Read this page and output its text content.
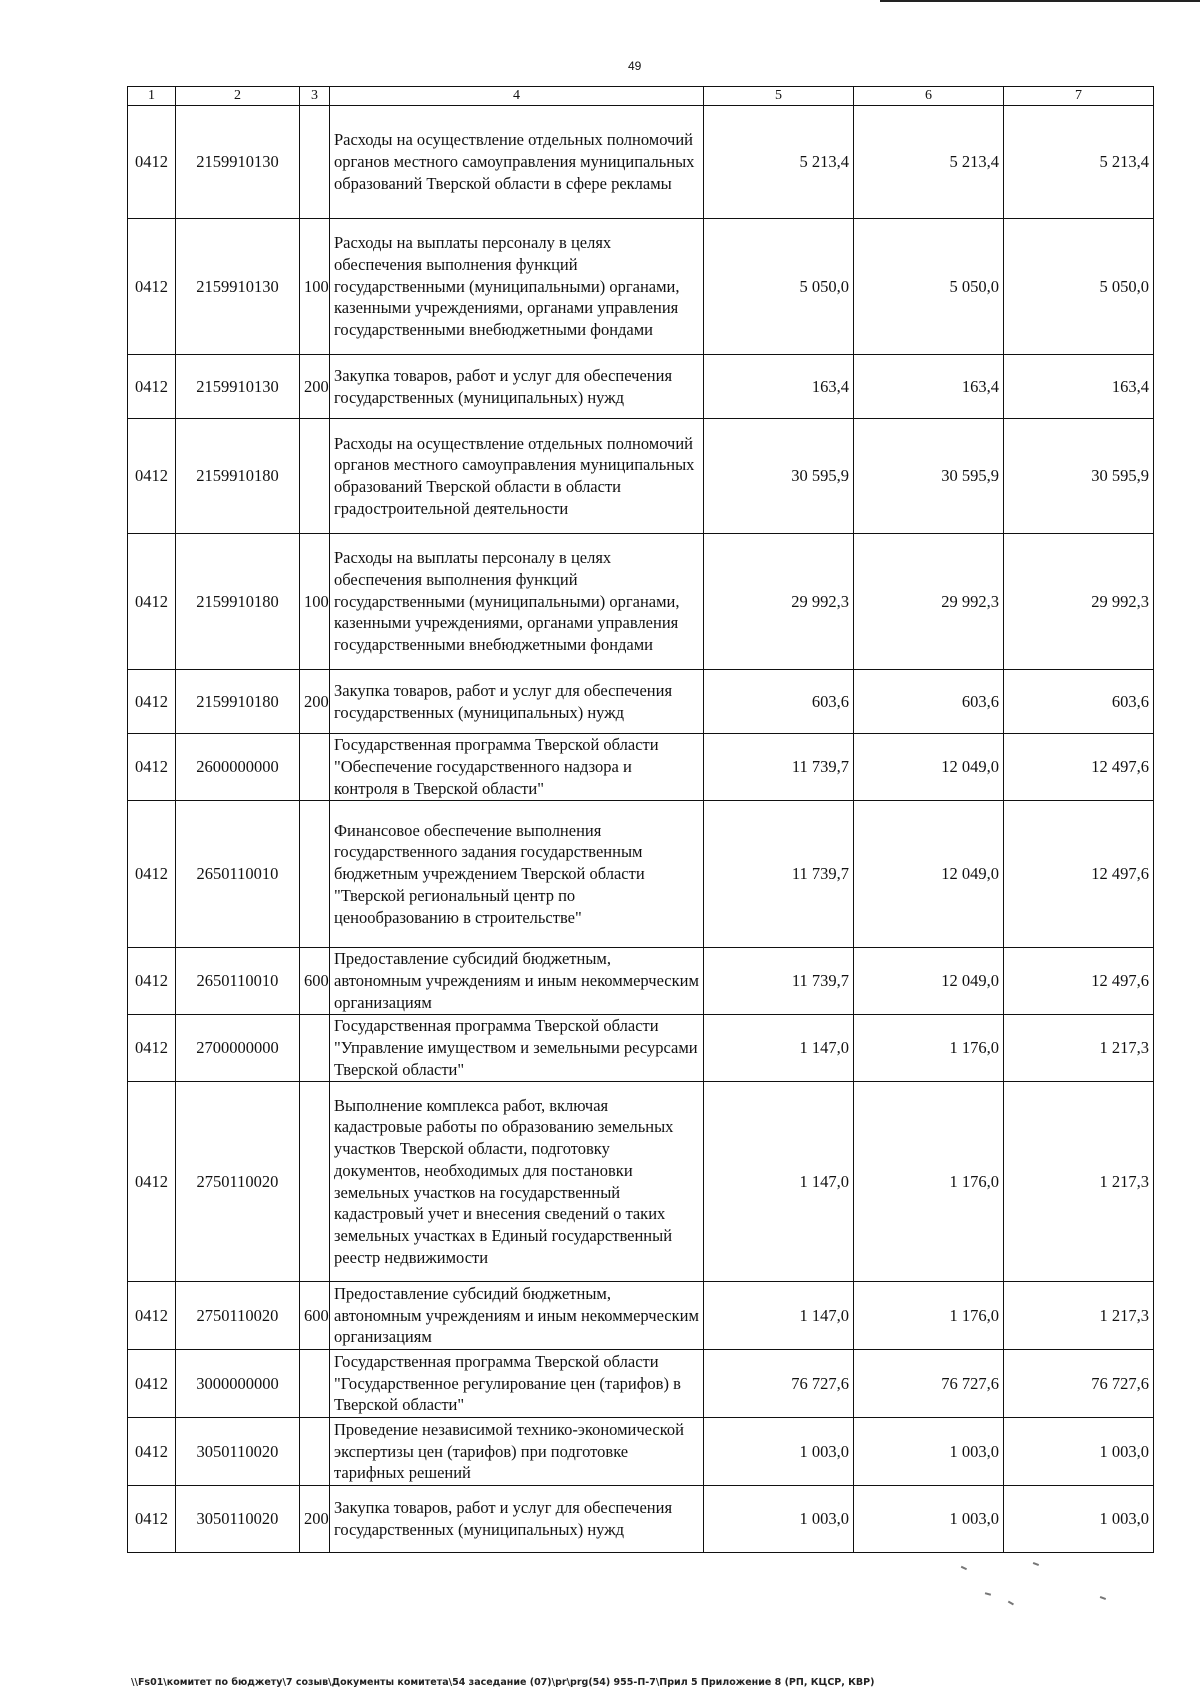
49
1	2	3	4	5	6	7
0412	2159910130		Расходы на осуществление отдельных полномочий органов местного самоуправления муниципальных образований Тверской области в сфере рекламы	5 213,4	5 213,4	5 213,4
0412	2159910130	100	Расходы на выплаты персоналу в целях обеспечения выполнения функций государственными (муниципальными) органами, казенными учреждениями, органами управления государственными внебюджетными фондами	5 050,0	5 050,0	5 050,0
0412	2159910130	200	Закупка товаров, работ и услуг для обеспечения государственных (муниципальных) нужд	163,4	163,4	163,4
0412	2159910180		Расходы на осуществление отдельных полномочий органов местного самоуправления муниципальных образований Тверской области в области градостроительной деятельности	30 595,9	30 595,9	30 595,9
0412	2159910180	100	Расходы на выплаты персоналу в целях обеспечения выполнения функций государственными (муниципальными) органами, казенными учреждениями, органами управления государственными внебюджетными фондами	29 992,3	29 992,3	29 992,3
0412	2159910180	200	Закупка товаров, работ и услуг для обеспечения государственных (муниципальных) нужд	603,6	603,6	603,6
0412	2600000000		Государственная программа Тверской области "Обеспечение государственного надзора и контроля в Тверской области"	11 739,7	12 049,0	12 497,6
0412	2650110010		Финансовое обеспечение выполнения государственного задания государственным бюджетным учреждением Тверской области "Тверской региональный центр по ценообразованию в строительстве"	11 739,7	12 049,0	12 497,6
0412	2650110010	600	Предоставление субсидий бюджетным, автономным учреждениям и иным некоммерческим организациям	11 739,7	12 049,0	12 497,6
0412	2700000000		Государственная программа Тверской области "Управление имуществом и земельными ресурсами Тверской области"	1 147,0	1 176,0	1 217,3
0412	2750110020		Выполнение комплекса работ, включая кадастровые работы по образованию земельных участков Тверской области, подготовку документов, необходимых для постановки земельных участков на государственный кадастровый учет и внесения сведений о таких земельных участках в Единый государственный реестр недвижимости	1 147,0	1 176,0	1 217,3
0412	2750110020	600	Предоставление субсидий бюджетным, автономным учреждениям и иным некоммерческим организациям	1 147,0	1 176,0	1 217,3
0412	3000000000		Государственная программа Тверской области "Государственное регулирование цен (тарифов) в Тверской области"	76 727,6	76 727,6	76 727,6
0412	3050110020		Проведение независимой технико-экономической экспертизы цен (тарифов) при подготовке тарифных решений	1 003,0	1 003,0	1 003,0
0412	3050110020	200	Закупка товаров, работ и услуг для обеспечения государственных (муниципальных) нужд	1 003,0	1 003,0	1 003,0
\\Fs01\комитет по бюджету\7 созыв\Документы комитета\54 заседание (07)\pr\prg(54) 955-П-7\Прил 5 Приложение 8 (РП, КЦСР, КВР)
